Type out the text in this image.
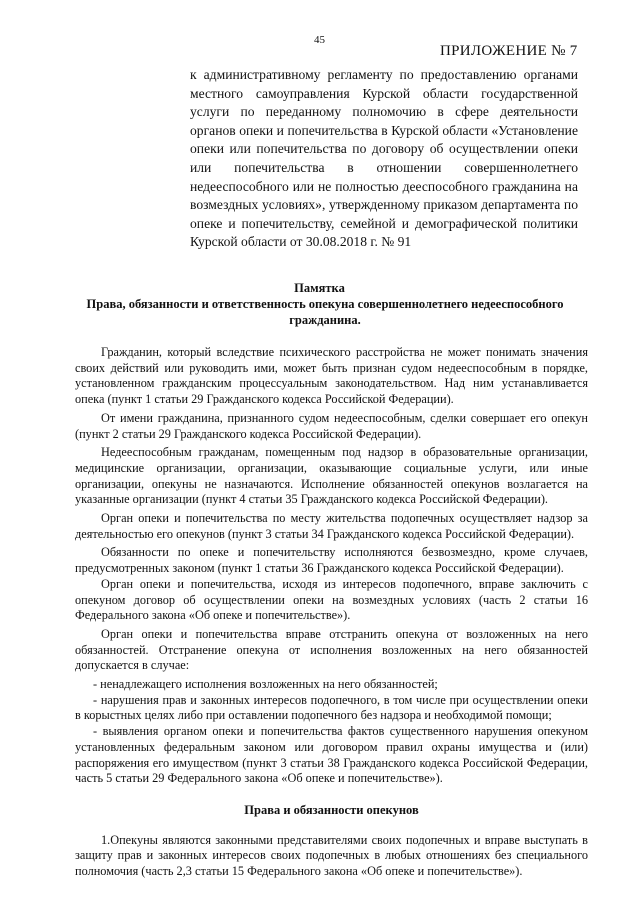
45
ПРИЛОЖЕНИЕ № 7
к административному регламенту по предоставлению органами местного самоуправления Курской области государственной услуги по переданному полномочию в сфере деятельности органов опеки и попечительства в Курской области «Установление опеки или попечительства по договору об осуществлении опеки или попечительства в отношении совершеннолетнего недееспособного или не полностью дееспособного гражданина на возмездных условиях», утвержденному приказом департамента по опеке и попечительству, семейной и демографической политики Курской области от 30.08.2018 г. № 91
Памятка
Права, обязанности и ответственность опекуна совершеннолетнего недееспособного гражданина.

Гражданин, который вследствие психического расстройства не может понимать значения своих действий или руководить ими, может быть признан судом недееспособным в порядке, установленном гражданским процессуальным законодательством. Над ним устанавливается опека (пункт 1 статьи 29 Гражданского кодекса Российской Федерации).

От имени гражданина, признанного судом недееспособным, сделки совершает его опекун (пункт 2 статьи 29 Гражданского кодекса Российской Федерации).

Недееспособным гражданам, помещенным под надзор в образовательные организации, медицинские организации, организации, оказывающие социальные услуги, или иные организации, опекуны не назначаются. Исполнение обязанностей опекунов возлагается на указанные организации (пункт 4 статьи 35 Гражданского кодекса Российской Федерации).

Орган опеки и попечительства по месту жительства подопечных осуществляет надзор за деятельностью его опекунов (пункт 3 статьи 34 Гражданского кодекса Российской Федерации).

Обязанности по опеке и попечительству исполняются безвозмездно, кроме случаев, предусмотренных законом (пункт 1 статьи 36 Гражданского кодекса Российской Федерации).

Орган опеки и попечительства, исходя из интересов подопечного, вправе заключить с опекуном договор об осуществлении опеки на возмездных условиях (часть 2 статьи 16 Федерального закона «Об опеке и попечительстве»).

Орган опеки и попечительства вправе отстранить опекуна от возложенных на него обязанностей. Отстранение опекуна от исполнения возложенных на него обязанностей допускается в случае:

- ненадлежащего исполнения возложенных на него обязанностей;

- нарушения прав и законных интересов подопечного, в том числе при осуществлении опеки в корыстных целях либо при оставлении подопечного без надзора и необходимой помощи;

- выявления органом опеки и попечительства фактов существенного нарушения опекуном установленных федеральным законом или договором правил охраны имущества и (или) распоряжения его имуществом (пункт 3 статьи 38 Гражданского кодекса Российской Федерации, часть 5 статьи 29 Федерального закона «Об опеке и попечительстве»).

Права и обязанности опекунов

1.Опекуны являются законными представителями своих подопечных и вправе выступать в защиту прав и законных интересов своих подопечных в любых отношениях без специального полномочия (часть 2,3 статьи 15 Федерального закона «Об опеке и попечительстве»).
